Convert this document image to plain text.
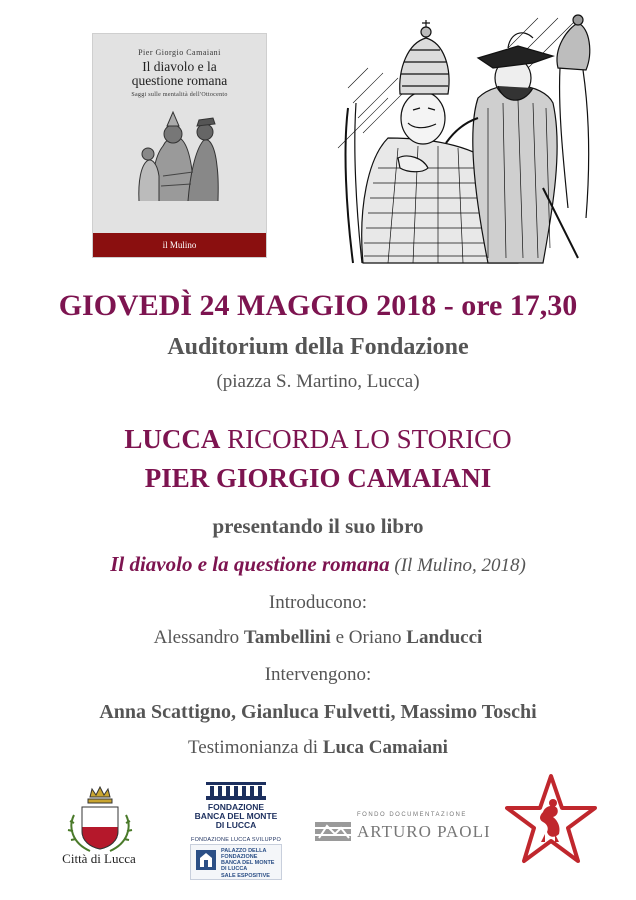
Pier Giorgio Camaiani
Il diavolo e la
questione romana
Saggi sulle mentalità dell'Ottocento
il Mulino
GIOVEDÌ 24 MAGGIO 2018 - ore 17,30
Auditorium della Fondazione
(piazza S. Martino, Lucca)
LUCCA RICORDA LO STORICO
PIER GIORGIO CAMAIANI
presentando il suo libro
Il diavolo e la questione romana (Il Mulino, 2018)
Introducono:
Alessandro Tambellini e Oriano Landucci
Intervengono:
Anna Scattigno, Gianluca Fulvetti, Massimo Toschi
Testimonianza di Luca Camaiani
Città di Lucca
FONDAZIONE
BANCA DEL MONTE
DI LUCCA
FONDAZIONE LUCCA SVILUPPO
PALAZZO DELLA
FONDAZIONE
BANCA DEL MONTE
DI LUCCA
SALE ESPOSITIVE
FONDO DOCUMENTAZIONE
ARTURO PAOLI
